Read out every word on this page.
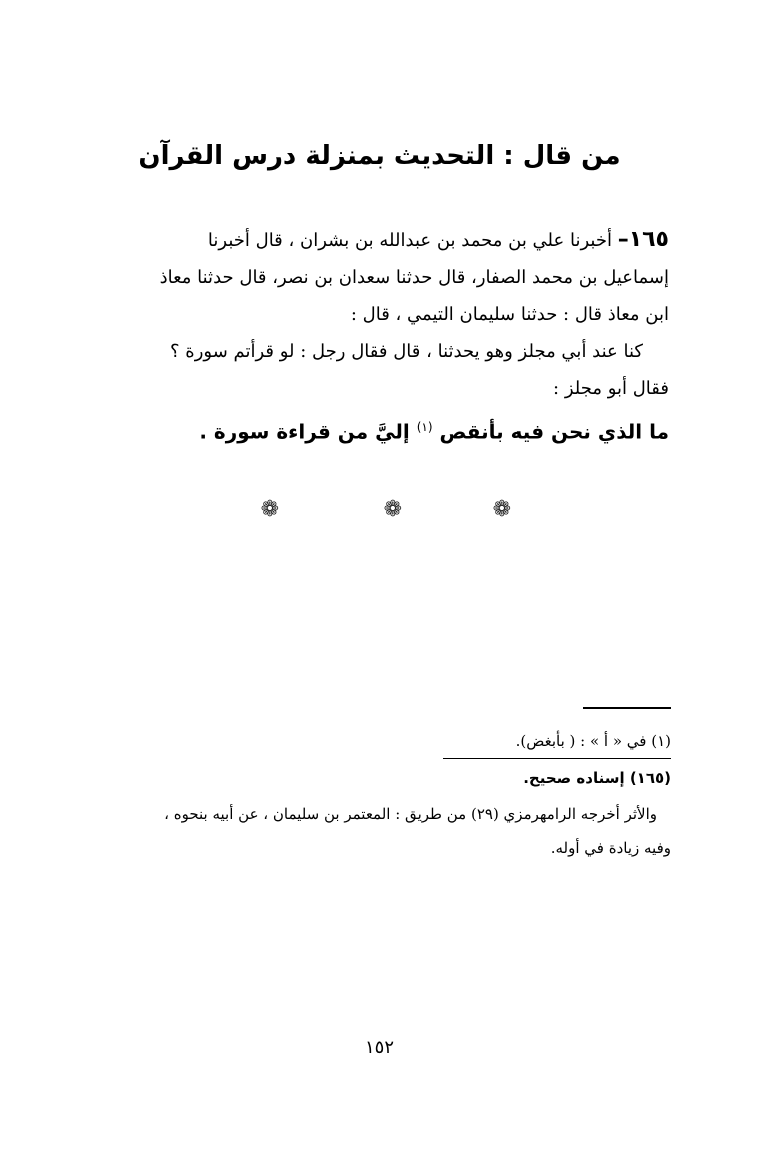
من قال : التحديث بمنزلة درس القرآن

١٦٥– أخبرنا علي بن محمد بن عبدالله بن بشران ، قال أخبرنا

إسماعيل بن محمد الصفار، قال حدثنا سعدان بن نصر، قال حدثنا معاذ

ابن معاذ قال : حدثنا سليمان التيمي ، قال :

كنا عند أبي مجلز وهو يحدثنا ، قال فقال رجل : لو قرأتم سورة ؟

فقال أبو مجلز :

ما الذي نحن فيه بأنقص $^{(١)}$ إليَّ من قراءة سورة .

❁
❁
❁

(١) في « أ » : ( بأبغض).

(١٦٥) إسناده صحيح.

والأثر أخرجه الرامهرمزي (٢٩) من طريق : المعتمر بن سليمان ، عن أبيه بنحوه ،

وفيه زيادة في أوله.

١٥٢
